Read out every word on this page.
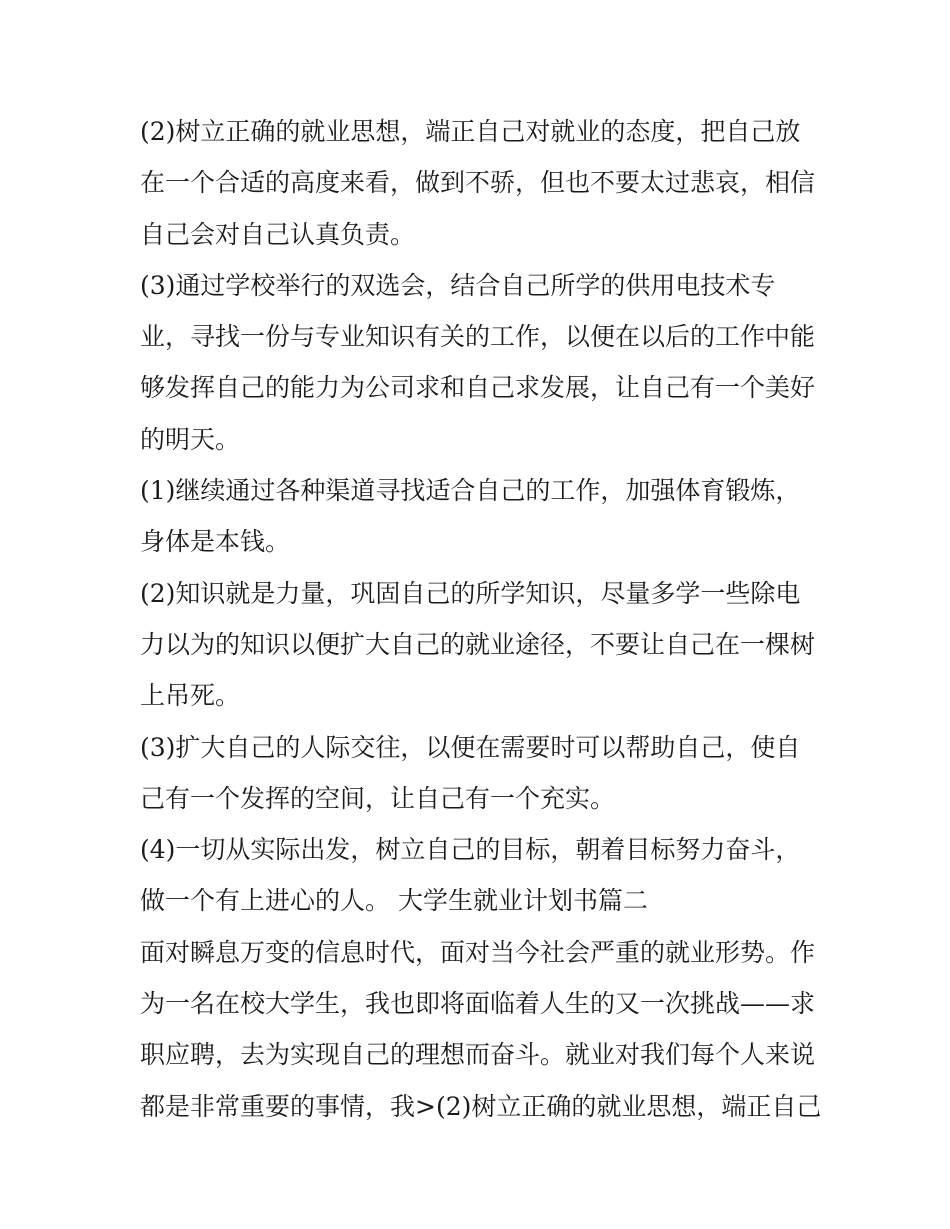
(2)树立正确的就业思想，端正自己对就业的态度，把自己放
在一个合适的高度来看，做到不骄，但也不要太过悲哀，相信
自己会对自己认真负责。
(3)通过学校举行的双选会，结合自己所学的供用电技术专
业，寻找一份与专业知识有关的工作，以便在以后的工作中能
够发挥自己的能力为公司求和自己求发展，让自己有一个美好
的明天。
(1)继续通过各种渠道寻找适合自己的工作，加强体育锻炼，
身体是本钱。
(2)知识就是力量，巩固自己的所学知识，尽量多学一些除电
力以为的知识以便扩大自己的就业途径，不要让自己在一棵树
上吊死。
(3)扩大自己的人际交往，以便在需要时可以帮助自己，使自
己有一个发挥的空间，让自己有一个充实。
(4)一切从实际出发，树立自己的目标，朝着目标努力奋斗，
做一个有上进心的人。 大学生就业计划书篇二
面对瞬息万变的信息时代，面对当今社会严重的就业形势。作
为一名在校大学生，我也即将面临着人生的又一次挑战——求
职应聘，去为实现自己的理想而奋斗。就业对我们每个人来说
都是非常重要的事情，我>(2)树立正确的就业思想，端正自己
